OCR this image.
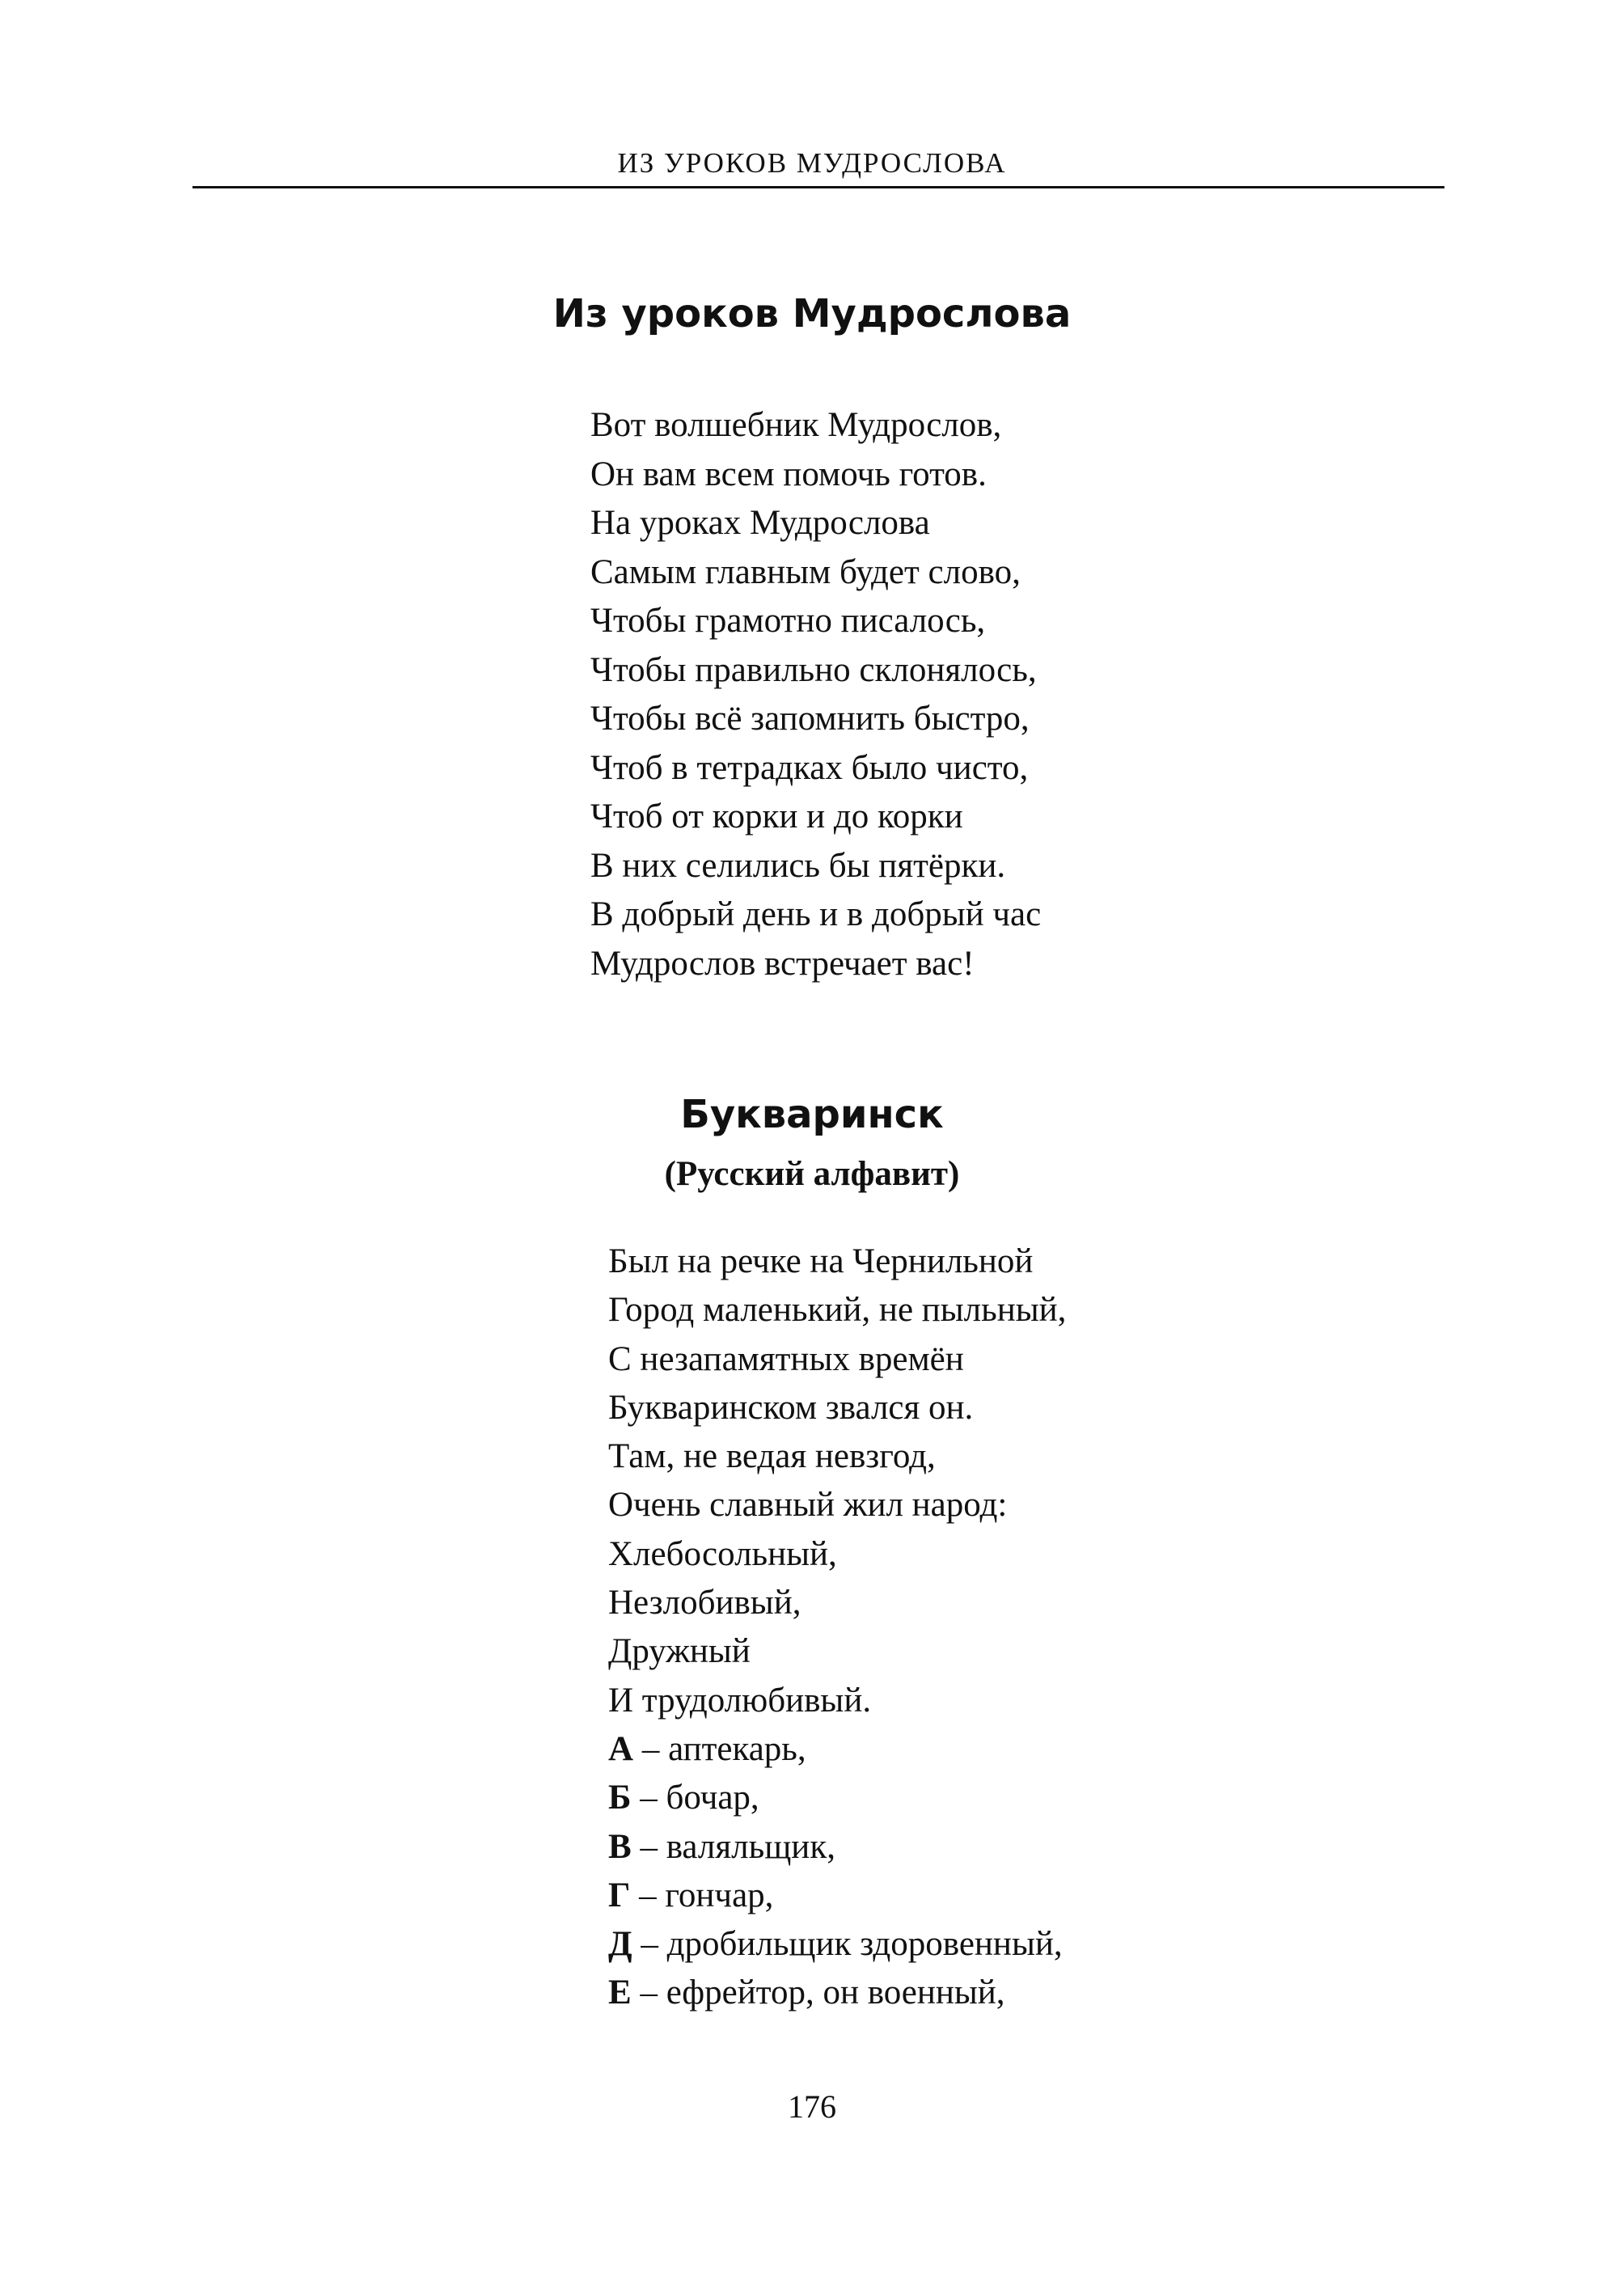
ИЗ УРОКОВ МУДРОСЛОВА
Из уроков Мудрослова
Вот волшебник Мудрослов,
Он вам всем помочь готов.
На уроках Мудрослова
Самым главным будет слово,
Чтобы грамотно писалось,
Чтобы правильно склонялось,
Чтобы всё запомнить быстро,
Чтоб в тетрадках было чисто,
Чтоб от корки и до корки
В них селились бы пятёрки.
В добрый день и в добрый час
Мудрослов встречает вас!
Букваринск
(Русский алфавит)
Был на речке на Чернильной
Город маленький, не пыльный,
С незапамятных времён
Букваринском звался он.
Там, не ведая невзгод,
Очень славный жил народ:
Хлебосольный,
Незлобивый,
Дружный
И трудолюбивый.
А – аптекарь,
Б – бочар,
В – валяльщик,
Г – гончар,
Д – дробильщик здоровенный,
Е – ефрейтор, он военный,
176
